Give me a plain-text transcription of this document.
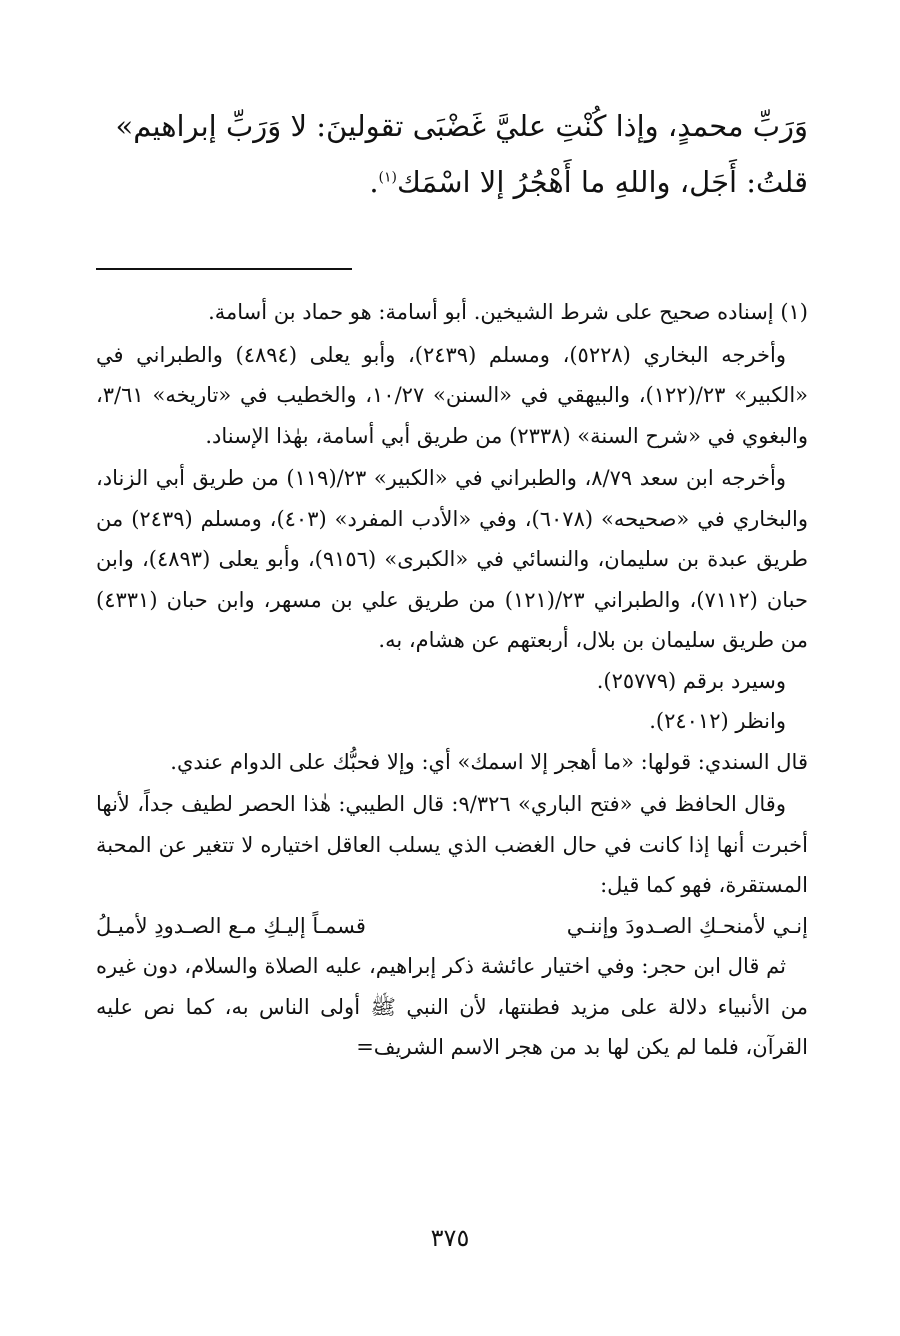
وَرَبِّ محمدٍ، وإذا كُنْتِ عليَّ غَضْبَى تقولينَ: لا وَرَبِّ إبراهيم»

قلتُ: أَجَل، واللهِ ما أَهْجُرُ إلا اسْمَك$^{(١)}$.

(١) إسناده صحيح على شرط الشيخين. أبو أسامة: هو حماد بن أسامة.

وأخرجه البخاري (٥٢٢٨)، ومسلم (٢٤٣٩)، وأبو يعلى (٤٨٩٤) والطبراني في «الكبير» ٢٣/(١٢٢)، والبيهقي في «السنن» ١٠/٢٧، والخطيب في «تاريخه» ٣/٦١، والبغوي في «شرح السنة» (٢٣٣٨) من طريق أبي أسامة، بهٰذا الإسناد.

وأخرجه ابن سعد ٨/٧٩، والطبراني في «الكبير» ٢٣/(١١٩) من طريق أبي الزناد، والبخاري في «صحيحه» (٦٠٧٨)، وفي «الأدب المفرد» (٤٠٣)، ومسلم (٢٤٣٩) من طريق عبدة بن سليمان، والنسائي في «الكبرى» (٩١٥٦)، وأبو يعلى (٤٨٩٣)، وابن حبان (٧١١٢)، والطبراني ٢٣/(١٢١) من طريق علي بن مسهر، وابن حبان (٤٣٣١) من طريق سليمان بن بلال، أربعتهم عن هشام، به.

وسيرد برقم (٢٥٧٧٩).

وانظر (٢٤٠١٢).

قال السندي: قولها: «ما أهجر إلا اسمك» أي: وإلا فحبُّك على الدوام عندي.

وقال الحافظ في «فتح الباري» ٩/٣٢٦: قال الطيبي: هٰذا الحصر لطيف جداً، لأنها أخبرت أنها إذا كانت في حال الغضب الذي يسلب العاقل اختياره لا تتغير عن المحبة المستقرة، فهو كما قيل:

إنـي لأمنحـكِ الصـدودَ وإننـي
قسمـاً إليـكِ مـع الصـدودِ لأميـلُ

ثم قال ابن حجر: وفي اختيار عائشة ذكر إبراهيم، عليه الصلاة والسلام، دون غيره من الأنبياء دلالة على مزيد فطنتها، لأن النبي ﷺ أولى الناس به، كما نص عليه القرآن، فلما لم يكن لها بد من هجر الاسم الشريف=

٣٧٥
